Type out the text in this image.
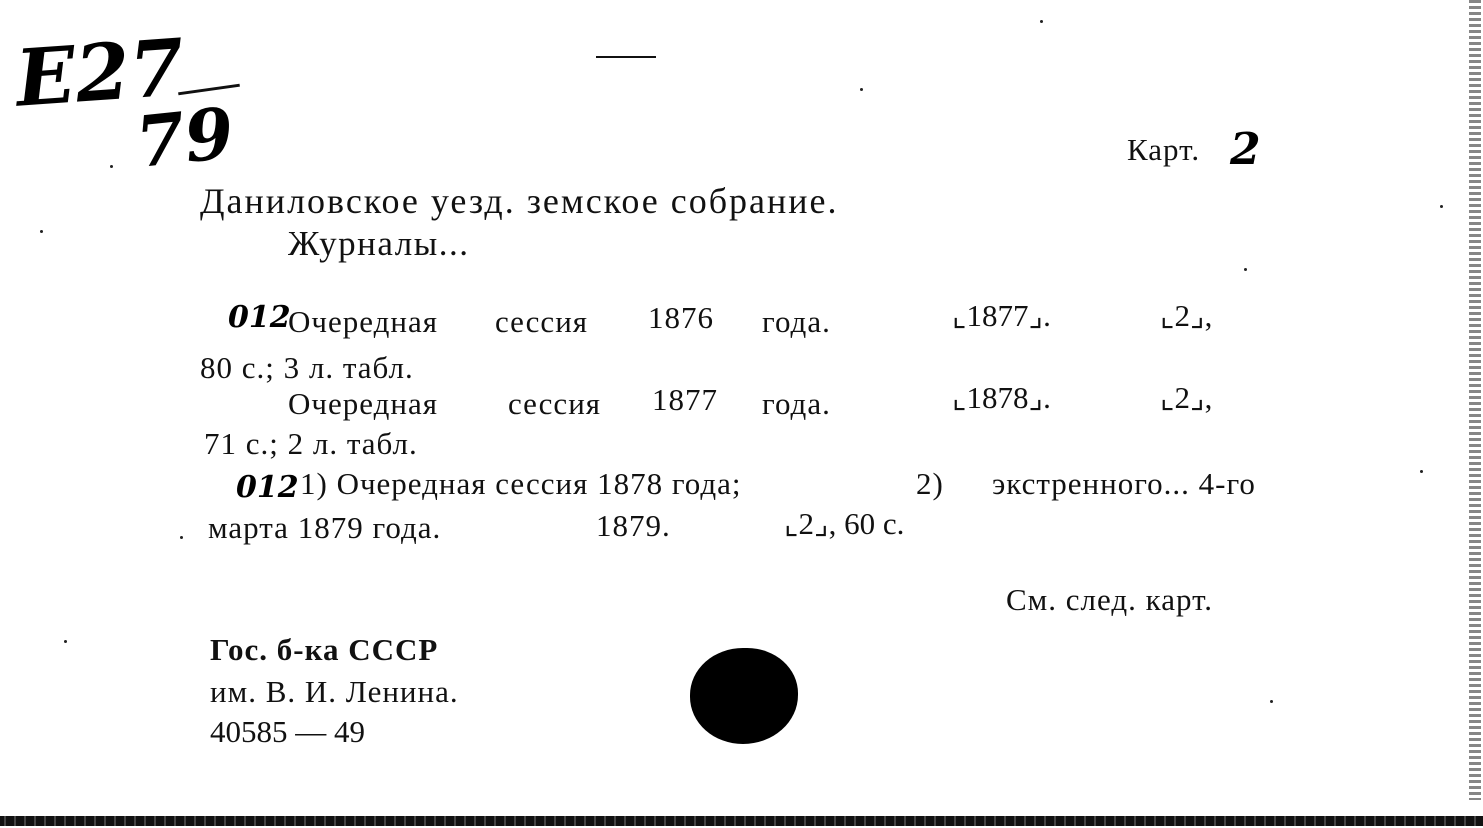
E27
79	Карт. 2
Даниловское уезд. земское собрание.
Журналы...
012
Очередная сессия 1876 года.	⌞1877⌟.	⌞2⌟,
80 с.; 3 л. табл.
Очередная сессия 1877 года.	⌞1878⌟.	⌞2⌟,
71 с.; 2 л. табл.
012 1) Очередная сессия 1878 года;	2) экстренного... 4-го
марта 1879 года.	1879.	⌞2⌟, 60 с.
См. след. карт.
Гос. б-ка СССР
им. В. И. Ленина.
40585 — 49
